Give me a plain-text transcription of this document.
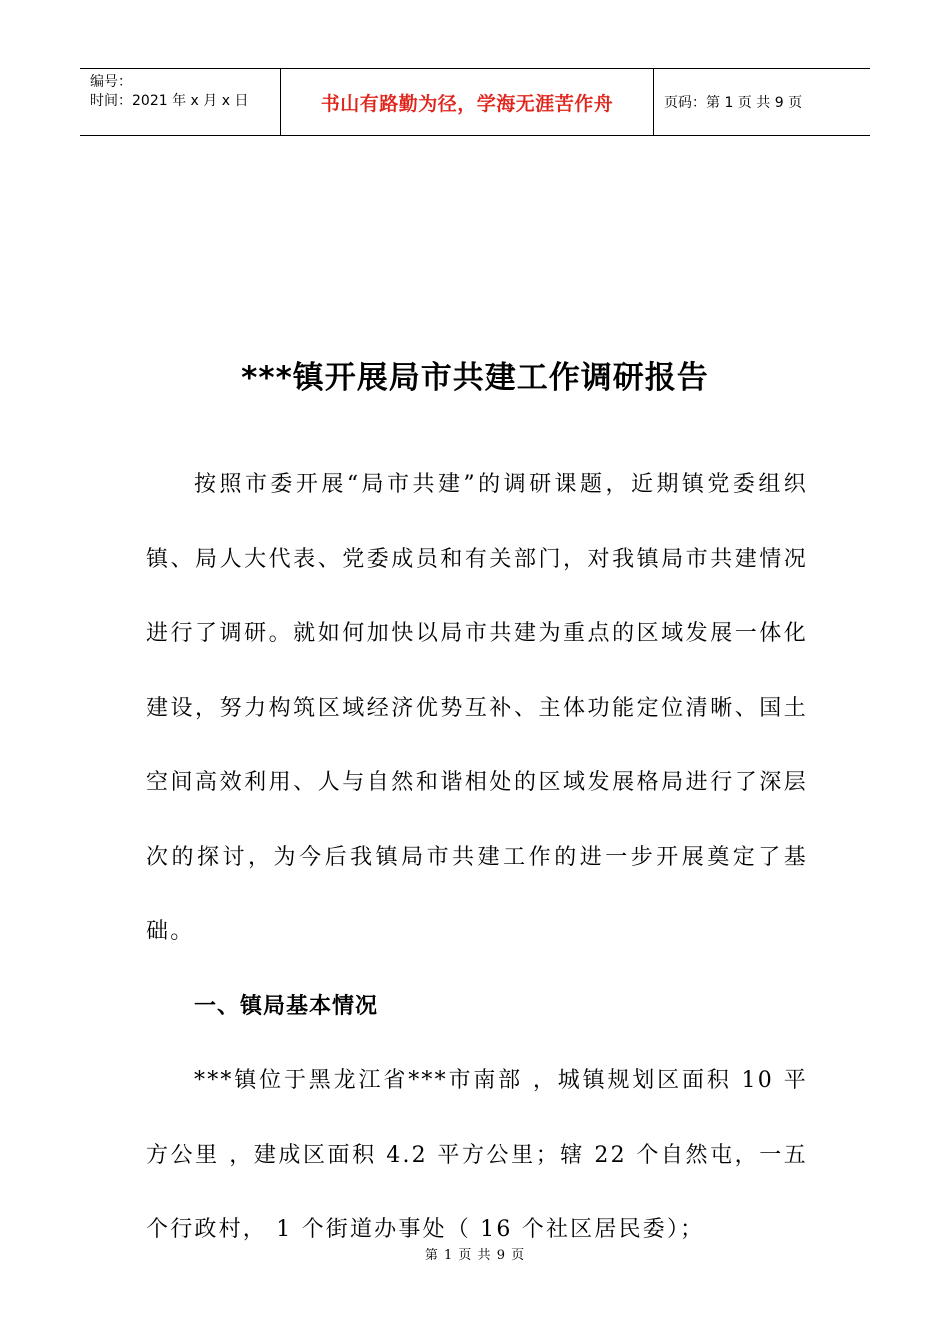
编号：
时间：2021 年 x 月 x 日	书山有路勤为径，学海无涯苦作舟	页码：第 1 页 共 9 页
***镇开展局市共建工作调研报告

按照市委开展“局市共建”的调研课题，近期镇党委组织镇、局人大代表、党委成员和有关部门，对我镇局市共建情况进行了调研。就如何加快以局市共建为重点的区域发展一体化建设，努力构筑区域经济优势互补、主体功能定位清晰、国土空间高效利用、人与自然和谐相处的区域发展格局进行了深层次的探讨，为今后我镇局市共建工作的进一步开展奠定了基础。

一、镇局基本情况

***镇位于黑龙江省***市南部 ，城镇规划区面积 10 平方公里 ，建成区面积 4.2 平方公里；辖 22 个自然屯，一五 个行政村， 1 个街道办事处（ 16 个社区居民委）；

第 1 页 共 9 页
